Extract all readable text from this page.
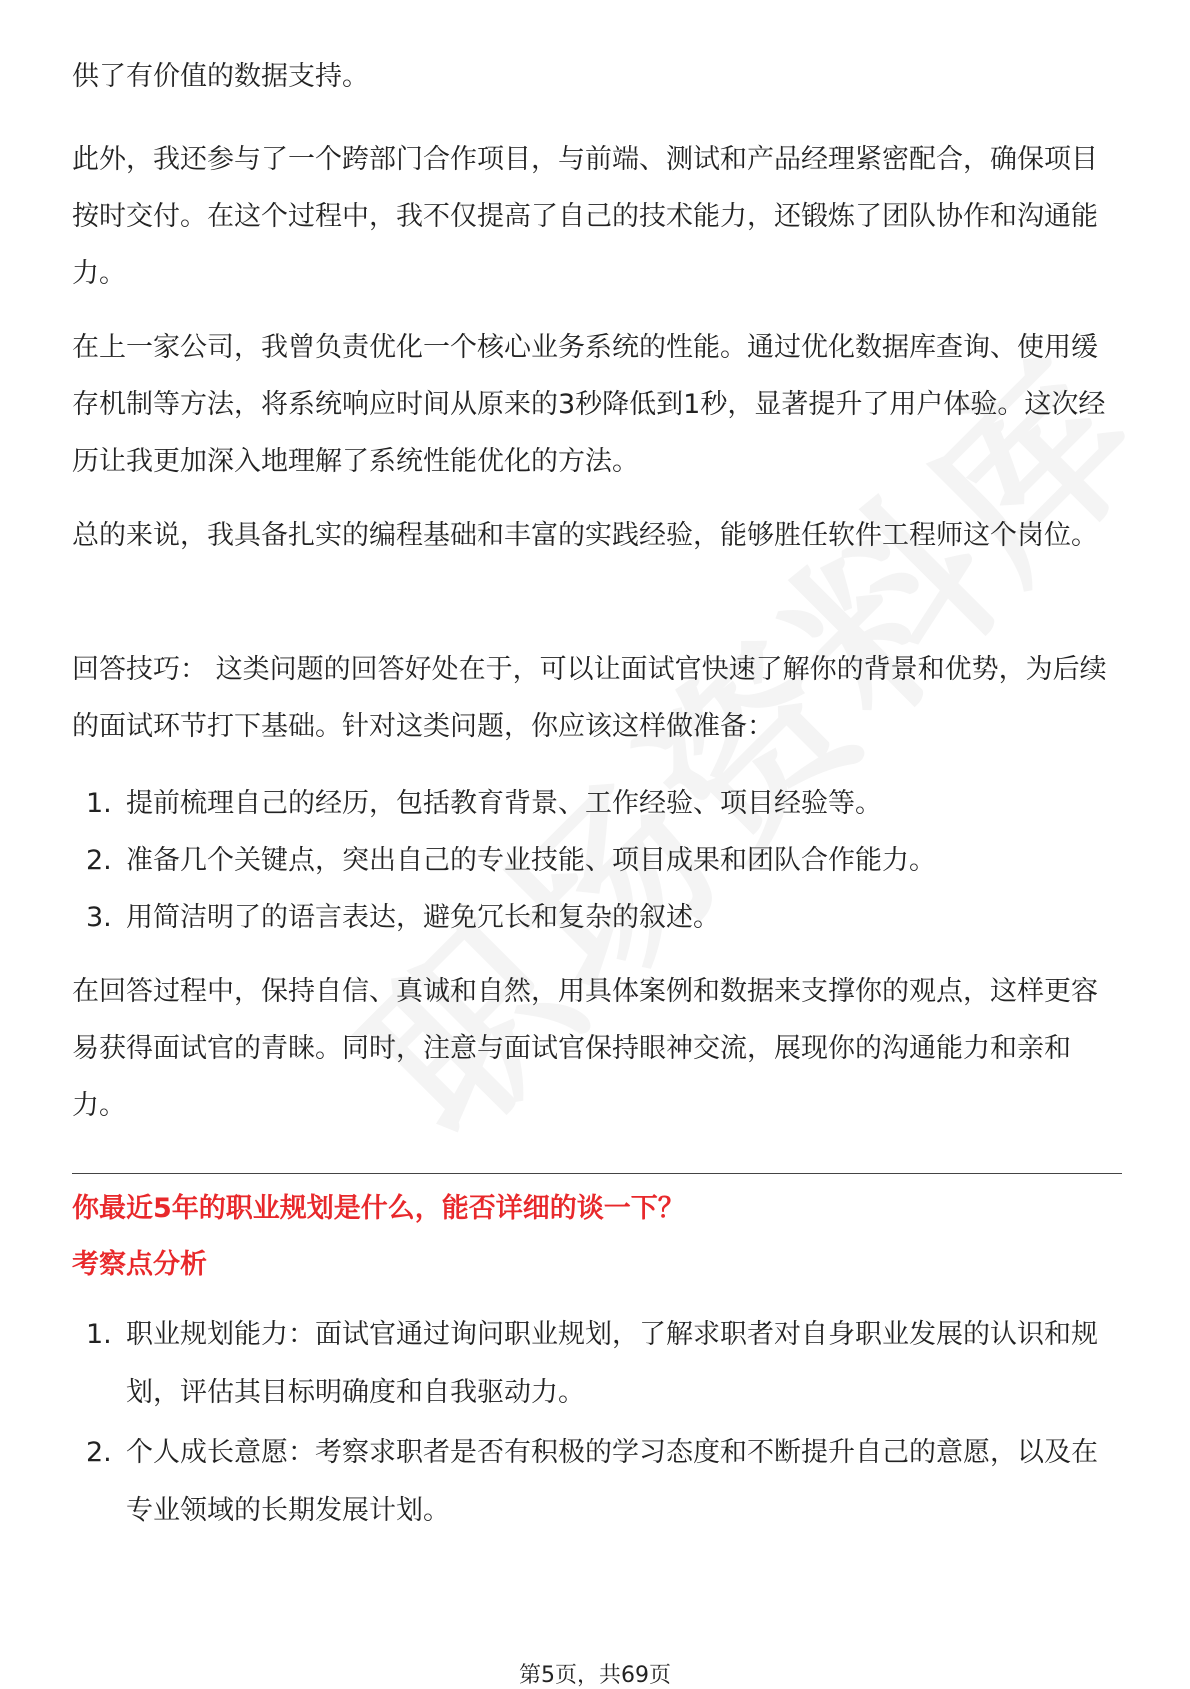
供了有价值的数据支持。

此外，我还参与了一个跨部门合作项目，与前端、测试和产品经理紧密配合，确保项目按时交付。在这个过程中，我不仅提高了自己的技术能力，还锻炼了团队协作和沟通能力。

在上一家公司，我曾负责优化一个核心业务系统的性能。通过优化数据库查询、使用缓存机制等方法，将系统响应时间从原来的3秒降低到1秒，显著提升了用户体验。这次经历让我更加深入地理解了系统性能优化的方法。

总的来说，我具备扎实的编程基础和丰富的实践经验，能够胜任软件工程师这个岗位。

回答技巧： 这类问题的回答好处在于，可以让面试官快速了解你的背景和优势，为后续的面试环节打下基础。针对这类问题，你应该这样做准备：

1. 提前梳理自己的经历，包括教育背景、工作经验、项目经验等。
2. 准备几个关键点，突出自己的专业技能、项目成果和团队合作能力。
3. 用简洁明了的语言表达，避免冗长和复杂的叙述。

在回答过程中，保持自信、真诚和自然，用具体案例和数据来支撑你的观点，这样更容易获得面试官的青睐。同时，注意与面试官保持眼神交流，展现你的沟通能力和亲和力。

你最近5年的职业规划是什么，能否详细的谈一下？
考察点分析
1. 职业规划能力：面试官通过询问职业规划，了解求职者对自身职业发展的认识和规划，评估其目标明确度和自我驱动力。
2. 个人成长意愿：考察求职者是否有积极的学习态度和不断提升自己的意愿，以及在专业领域的长期发展计划。
第5页，共69页
